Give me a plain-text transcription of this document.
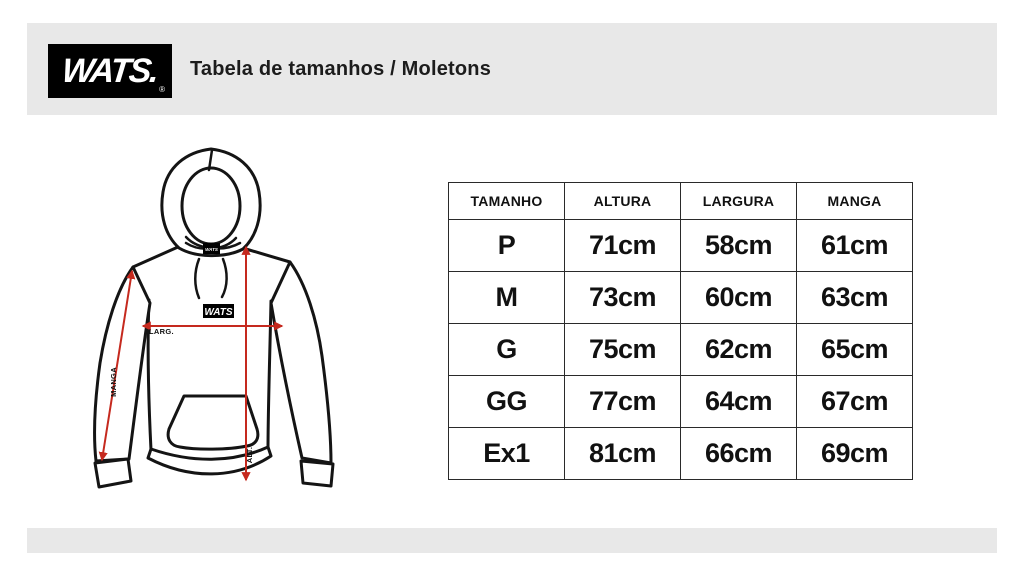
WATS. ®
Tabela de tamanhos / Moletons
WATS
WATS
LARG.
MANGA
ALT.
TAMANHO	ALTURA	LARGURA	MANGA
P	71cm	58cm	61cm
M	73cm	60cm	63cm
G	75cm	62cm	65cm
GG	77cm	64cm	67cm
Ex1	81cm	66cm	69cm
